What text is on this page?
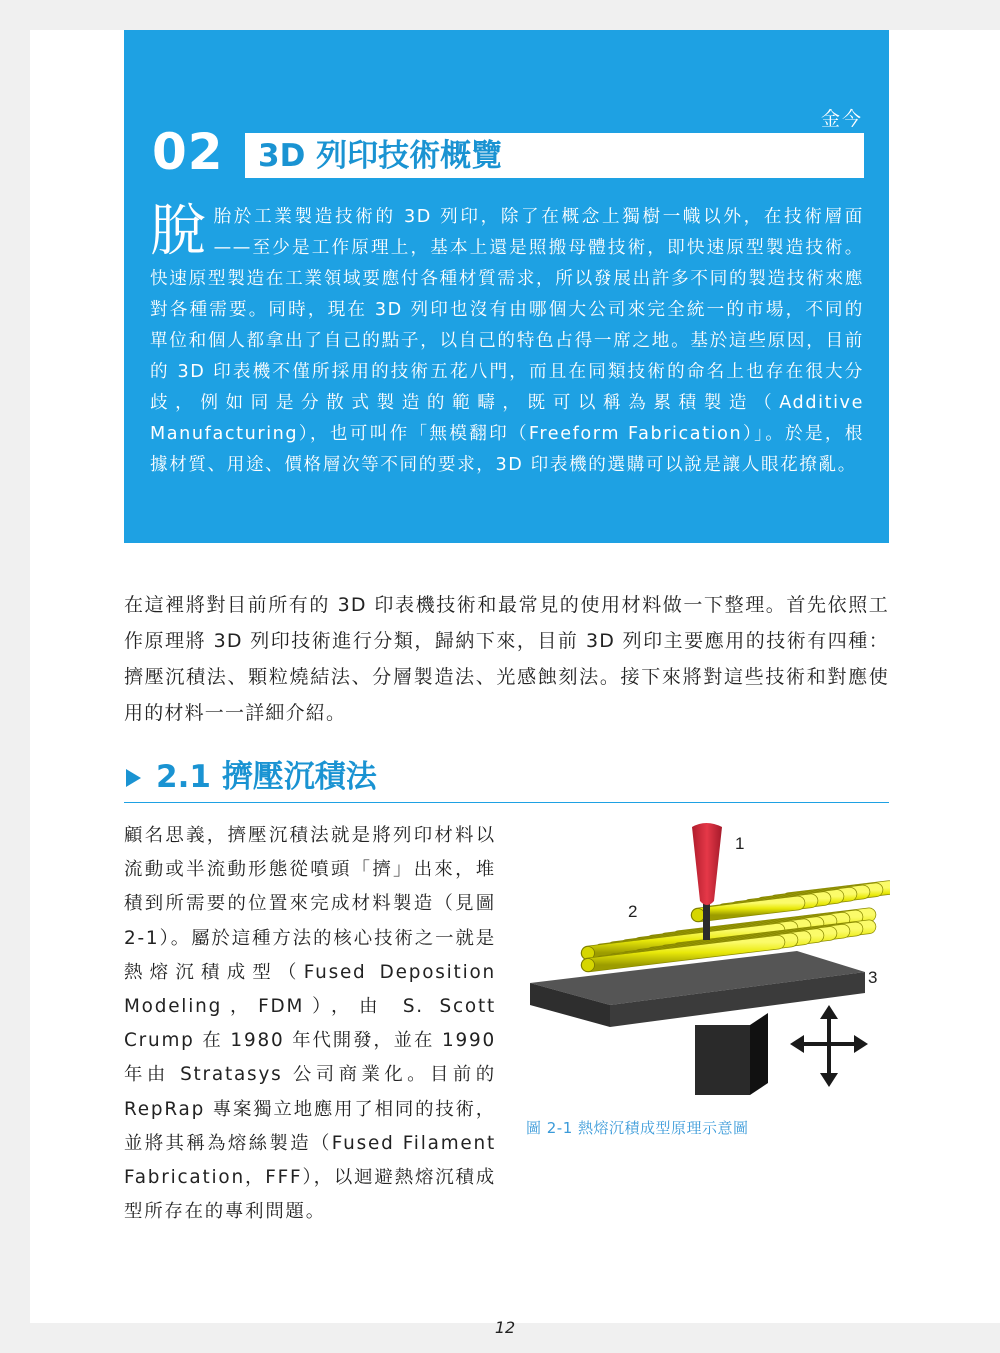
金今
02 3D 列印技術概覽
脫胎於工業製造技術的 3D 列印，除了在概念上獨樹一幟以外，在技術層面——至少是工作原理上，基本上還是照搬母體技術，即快速原型製造技術。快速原型製造在工業領域要應付各種材質需求，所以發展出許多不同的製造技術來應對各種需要。同時，現在 3D 列印也沒有由哪個大公司來完全統一的市場，不同的單位和個人都拿出了自己的點子，以自己的特色占得一席之地。基於這些原因，目前的 3D 印表機不僅所採用的技術五花八門，而且在同類技術的命名上也存在很大分歧，例如同是分散式製造的範疇，既可以稱為累積製造（Additive Manufacturing），也可叫作「無模翻印（Freeform Fabrication）」。於是，根據材質、用途、價格層次等不同的要求，3D 印表機的選購可以說是讓人眼花撩亂。
在這裡將對目前所有的 3D 印表機技術和最常見的使用材料做一下整理。首先依照工作原理將 3D 列印技術進行分類，歸納下來，目前 3D 列印主要應用的技術有四種：擠壓沉積法、顆粒燒結法、分層製造法、光感蝕刻法。接下來將對這些技術和對應使用的材料一一詳細介紹。
2.1 擠壓沉積法
顧名思義，擠壓沉積法就是將列印材料以流動或半流動形態從噴頭「擠」出來，堆積到所需要的位置來完成材料製造（見圖 2-1）。屬於這種方法的核心技術之一就是熱熔沉積成型（Fused Deposition Modeling，FDM），由 S. Scott Crump 在 1980 年代開發，並在 1990 年由 Stratasys 公司商業化。目前的 RepRap 專案獨立地應用了相同的技術，並將其稱為熔絲製造（Fused Filament Fabrication，FFF），以迴避熱熔沉積成型所存在的專利問題。
1
2
3
圖 2-1 熱熔沉積成型原理示意圖
12
